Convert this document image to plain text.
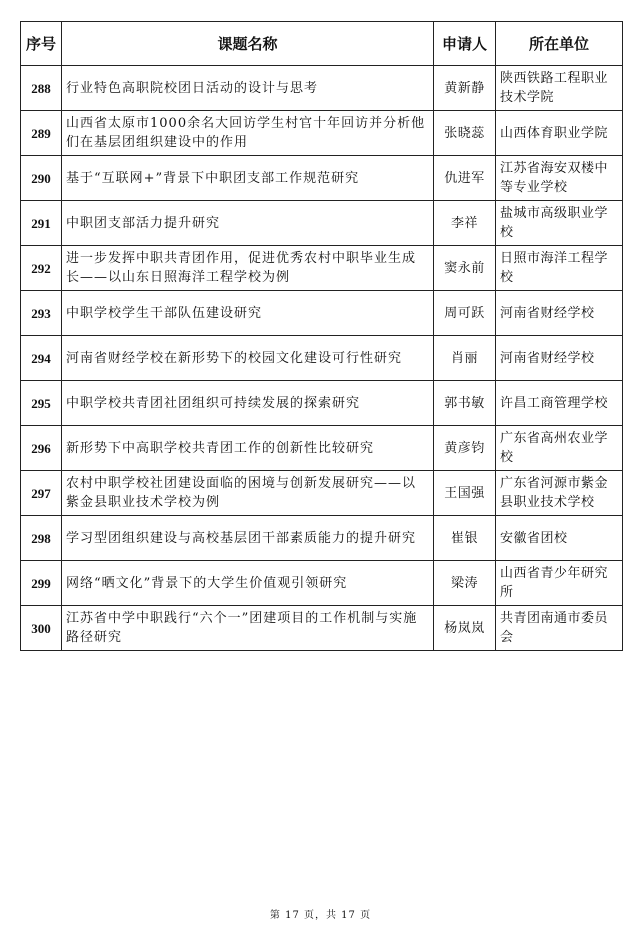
序号	课题名称	申请人	所在单位
288	行业特色高职院校团日活动的设计与思考	黄新静	陕西铁路工程职业技术学院
289	山西省太原市1000余名大回访学生村官十年回访并分析他们在基层团组织建设中的作用	张晓蕊	山西体育职业学院
290	基于“互联网+”背景下中职团支部工作规范研究	仇进军	江苏省海安双楼中等专业学校
291	中职团支部活力提升研究	李祥	盐城市高级职业学校
292	进一步发挥中职共青团作用，促进优秀农村中职毕业生成长——以山东日照海洋工程学校为例	窦永前	日照市海洋工程学校
293	中职学校学生干部队伍建设研究	周可跃	河南省财经学校
294	河南省财经学校在新形势下的校园文化建设可行性研究	肖丽	河南省财经学校
295	中职学校共青团社团组织可持续发展的探索研究	郭书敏	许昌工商管理学校
296	新形势下中高职学校共青团工作的创新性比较研究	黄彦钧	广东省高州农业学校
297	农村中职学校社团建设面临的困境与创新发展研究——以紫金县职业技术学校为例	王国强	广东省河源市紫金县职业技术学校
298	学习型团组织建设与高校基层团干部素质能力的提升研究	崔银	安徽省团校
299	网络“晒文化”背景下的大学生价值观引领研究	梁涛	山西省青少年研究所
300	江苏省中学中职践行“六个一”团建项目的工作机制与实施路径研究	杨岚岚	共青团南通市委员会
第 17 页，共 17 页
